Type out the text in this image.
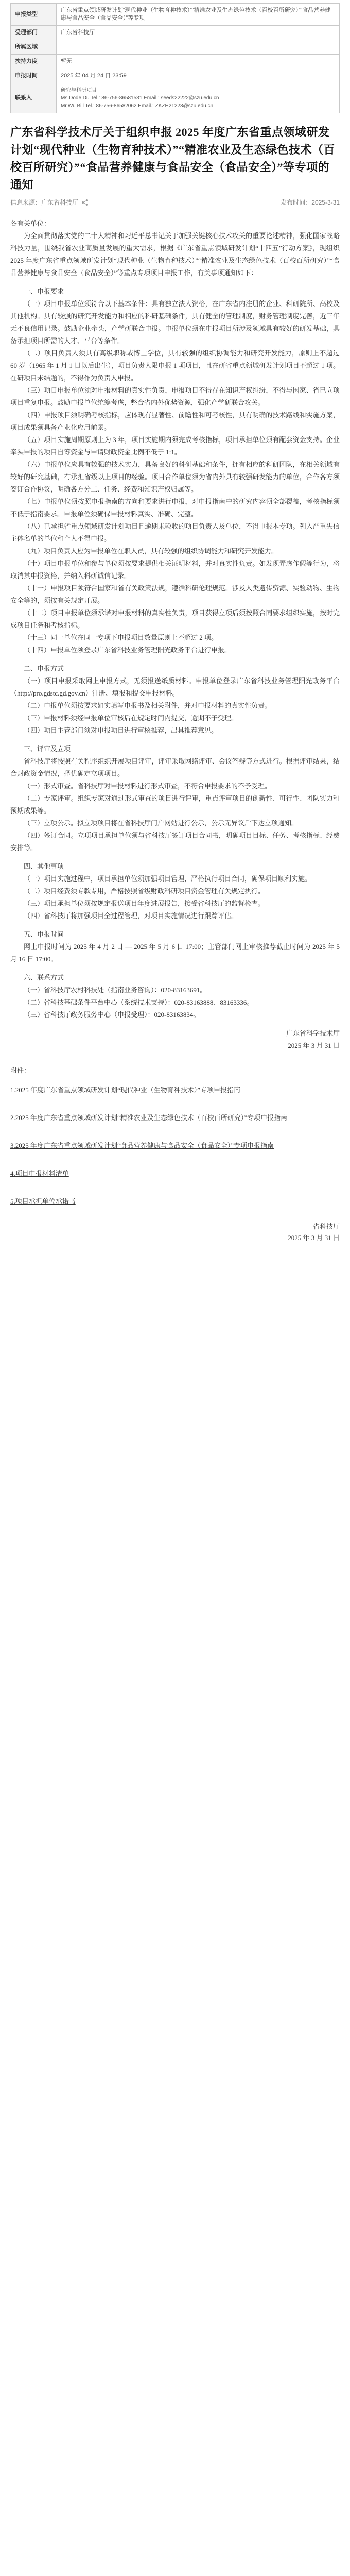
申报类型	广东省重点领域研发计划“现代种业（生物育种技术）”“精准农业及生态绿色技术（百校百所研究）”“食品营养健康与食品安全（食品安全）”等专项
受理部门	广东省科技厅
所属区域	
扶持力度	暂无
申报时间	2025 年 04 月 24 日 23:59
联系人	研究与科研项目
Ms.Dode Du Tel.: 86-756-86581531 Email.: seeds22222@szu.edu.cn
Mr.Wu Bill Tel.: 86-756-86582062 Email.: ZKZH21223@szu.edu.cn
广东省科学技术厅关于组织申报 2025 年度广东省重点领域研发计划“现代种业（生物育种技术）”“精准农业及生态绿色技术（百校百所研究）”“食品营养健康与食品安全（食品安全）”等专项的通知
信息来源：广东省科技厅	发布时间：2025-3-31

各有关单位：

为全面贯彻落实党的二十大精神和习近平总书记关于加强关键核心技术攻关的重要论述精神，强化国家战略科技力量，围绕我省农业高质量发展的重大需求，根据《广东省重点领域研发计划“十四五”行动方案》，现组织 2025 年度广东省重点领域研发计划“现代种业（生物育种技术）”“精准农业及生态绿色技术（百校百所研究）”“食品营养健康与食品安全（食品安全）”等重点专项项目申报工作，有关事项通知如下：

一、申报要求

（一）项目申报单位须符合以下基本条件：具有独立法人资格，在广东省内注册的企业、科研院所、高校及其他机构。具有较强的研究开发能力和相应的科研基础条件，具有健全的管理制度，财务管理制度完善，近三年无不良信用记录。鼓励企业牵头，产学研联合申报。申报单位须在申报项目所涉及领域具有较好的研发基础，具备承担项目所需的人才、平台等条件。

（二）项目负责人须具有高级职称或博士学位，具有较强的组织协调能力和研究开发能力，原则上不超过 60 岁（1965 年 1 月 1 日以后出生），项目负责人限申报 1 项项目，且在研省重点领域研发计划项目不超过 1 项。在研项目未结题的，不得作为负责人申报。

（三）项目申报单位须对申报材料的真实性负责，申报项目不得存在知识产权纠纷，不得与国家、省已立项项目重复申报。鼓励申报单位统筹考虑，整合省内外优势资源，强化产学研联合攻关。

（四）申报项目须明确考核指标，应体现有显著性、前瞻性和可考核性，具有明确的技术路线和实施方案，项目成果须具备产业化应用前景。

（五）项目实施周期原则上为 3 年，项目实施期内须完成考核指标，项目承担单位须有配套资金支持。企业牵头申报的项目自筹资金与申请财政资金比例不低于 1:1。

（六）申报单位应具有较强的技术实力，具备良好的科研基础和条件，拥有相应的科研团队，在相关领域有较好的研究基础，有承担省级以上项目的经验。项目合作单位须为省内外具有较强研发能力的单位，合作各方须签订合作协议，明确各方分工、任务、经费和知识产权归属等。

（七）申报单位须按照申报指南的方向和要求进行申报，对申报指南中的研究内容须全部覆盖，考核指标须不低于指南要求。申报单位须确保申报材料真实、准确、完整。

（八）已承担省重点领域研发计划项目且逾期未验收的项目负责人及单位，不得申报本专项。列入严重失信主体名单的单位和个人不得申报。

（九）项目负责人应为申报单位在职人员，具有较强的组织协调能力和研究开发能力。

（十）项目申报单位和参与单位须按要求提供相关证明材料，并对真实性负责。如发现弄虚作假等行为，将取消其申报资格，并纳入科研诚信记录。

（十一）申报项目须符合国家和省有关政策法规，遵循科研伦理规范。涉及人类遗传资源、实验动物、生物安全等的，须按有关规定开展。

（十二）项目申报单位须承诺对申报材料的真实性负责，项目获得立项后须按照合同要求组织实施，按时完成项目任务和考核指标。

（十三）同一单位在同一专项下申报项目数量原则上不超过 2 项。

（十四）申报单位须登录广东省科技业务管理阳光政务平台进行申报。

二、申报方式

（一）项目申报采取网上申报方式，无须报送纸质材料。申报单位登录广东省科技业务管理阳光政务平台（http://pro.gdstc.gd.gov.cn）注册、填报和提交申报材料。

（二）申报单位须按要求如实填写申报书及相关附件，并对申报材料的真实性负责。

（三）申报材料须经申报单位审核后在规定时间内提交，逾期不予受理。

（四）项目主管部门须对申报项目进行审核推荐，出具推荐意见。

三、评审及立项

省科技厅将按照有关程序组织开展项目评审，评审采取网络评审、会议答辩等方式进行。根据评审结果，结合财政资金情况，择优确定立项项目。

（一）形式审查。省科技厅对申报材料进行形式审查，不符合申报要求的不予受理。

（二）专家评审。组织专家对通过形式审查的项目进行评审，重点评审项目的创新性、可行性、团队实力和预期成果等。

（三）立项公示。拟立项项目将在省科技厅门户网站进行公示，公示无异议后下达立项通知。

（四）签订合同。立项项目承担单位须与省科技厅签订项目合同书，明确项目目标、任务、考核指标、经费安排等。

四、其他事项

（一）项目实施过程中，项目承担单位须加强项目管理，严格执行项目合同，确保项目顺利实施。

（二）项目经费须专款专用，严格按照省级财政科研项目资金管理有关规定执行。

（三）项目承担单位须按规定报送项目年度进展报告，接受省科技厅的监督检查。

（四）省科技厅将加强项目全过程管理，对项目实施情况进行跟踪评估。

五、申报时间

网上申报时间为 2025 年 4 月 2 日 — 2025 年 5 月 6 日 17:00；主管部门网上审核推荐截止时间为 2025 年 5 月 16 日 17:00。

六、联系方式

（一）省科技厅农村科技处（指南业务咨询）：020-83163691。

（二）省科技基础条件平台中心（系统技术支持）：020-83163888、83163336。

（三）省科技厅政务服务中心（申报受理）：020-83163834。

广东省科学技术厅

2025 年 3 月 31 日

附件：
1.2025 年度广东省重点领域研发计划“现代种业（生物育种技术）”专项申报指南
2.2025 年度广东省重点领域研发计划“精准农业及生态绿色技术（百校百所研究）”专项申报指南
3.2025 年度广东省重点领域研发计划“食品营养健康与食品安全（食品安全）”专项申报指南
4.项目申报材料清单
5.项目承担单位承诺书
省科技厅
2025 年 3 月 31 日
